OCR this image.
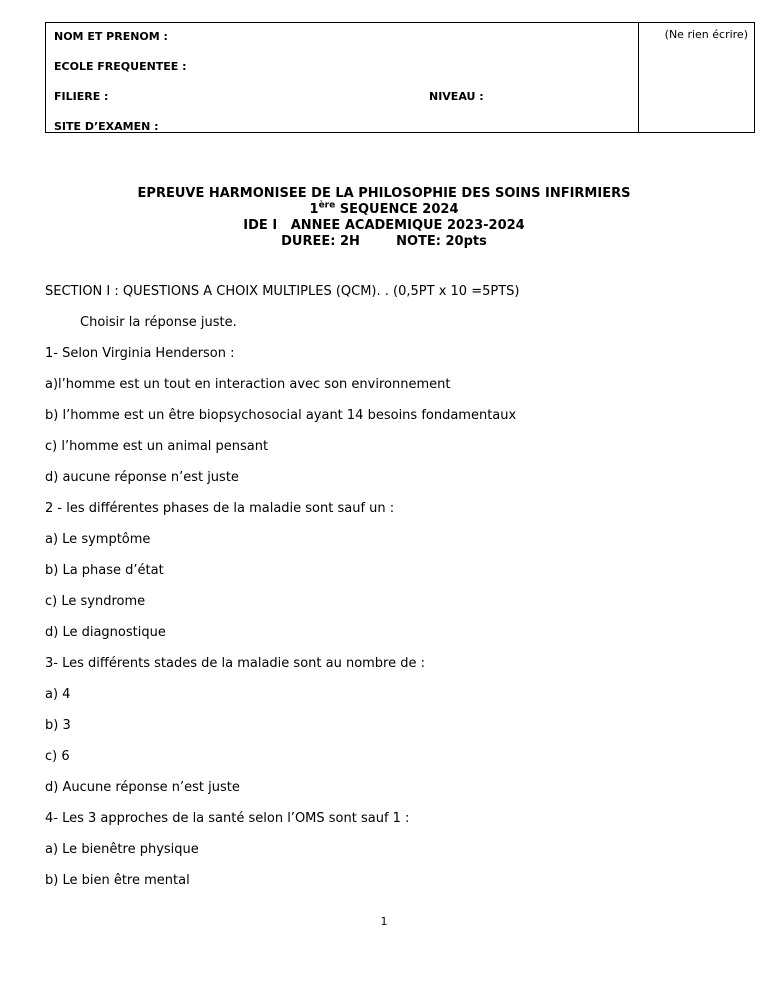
NOM ET PRENOM :
ECOLE FREQUENTEE :
FILIERE :	NIVEAU :
SITE D’EXAMEN :
(Ne rien écrire)
EPREUVE HARMONISEE DE LA PHILOSOPHIE DES SOINS INFIRMIERS
1ère SEQUENCE 2024
IDE I   ANNEE ACADEMIQUE 2023-2024
DUREE: 2H        NOTE: 20pts

SECTION I : QUESTIONS A CHOIX MULTIPLES (QCM). . (0,5PT x 10 =5PTS)

Choisir la réponse juste.

1- Selon Virginia Henderson :

a)l’homme est un tout en interaction avec son environnement

b) l’homme est un être biopsychosocial ayant 14 besoins fondamentaux

c) l’homme est un animal pensant

d) aucune réponse n’est juste

2 - les différentes phases de la maladie sont sauf un :

a) Le symptôme

b) La phase d’état

c) Le syndrome

d) Le diagnostique

3- Les différents stades de la maladie sont au nombre de :

a) 4

b) 3

c) 6

d) Aucune réponse n’est juste

4- Les 3 approches de la santé selon l’OMS sont sauf 1 :

a) Le bienêtre physique

b) Le bien être mental

1
